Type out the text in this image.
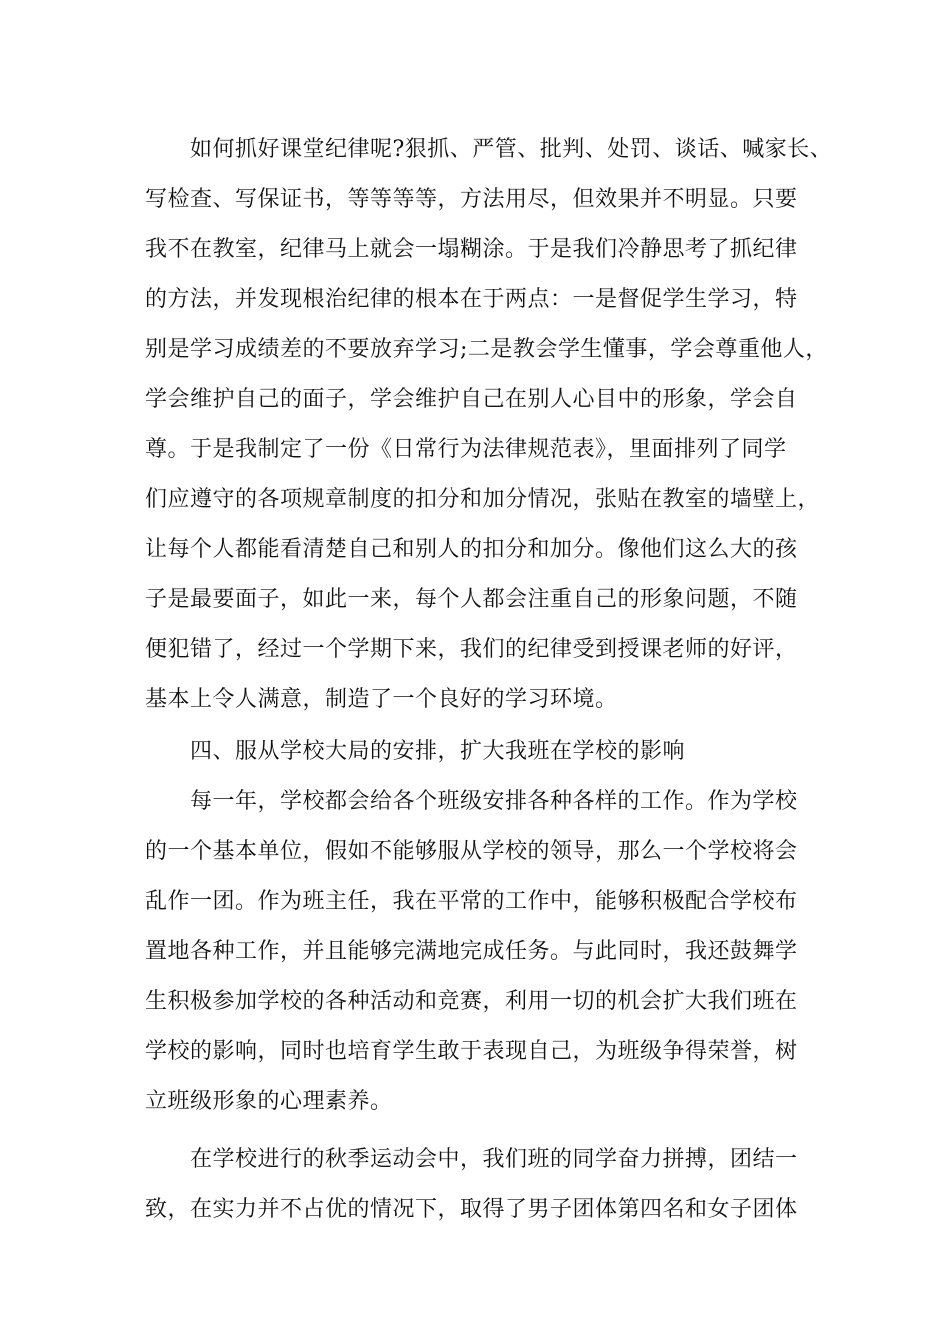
如何抓好课堂纪律呢?狠抓、严管、批判、处罚、谈话、喊家长、
写检查、写保证书，等等等等，方法用尽，但效果并不明显。只要
我不在教室，纪律马上就会一塌糊涂。于是我们冷静思考了抓纪律
的方法，并发现根治纪律的根本在于两点：一是督促学生学习，特
别是学习成绩差的不要放弃学习;二是教会学生懂事，学会尊重他人，
学会维护自己的面子，学会维护自己在别人心目中的形象，学会自
尊。于是我制定了一份《日常行为法律规范表》，里面排列了同学
们应遵守的各项规章制度的扣分和加分情况，张贴在教室的墙壁上，
让每个人都能看清楚自己和别人的扣分和加分。像他们这么大的孩
子是最要面子，如此一来，每个人都会注重自己的形象问题，不随
便犯错了，经过一个学期下来，我们的纪律受到授课老师的好评，
基本上令人满意，制造了一个良好的学习环境。
四、服从学校大局的安排，扩大我班在学校的影响
每一年，学校都会给各个班级安排各种各样的工作。作为学校
的一个基本单位，假如不能够服从学校的领导，那么一个学校将会
乱作一团。作为班主任，我在平常的工作中，能够积极配合学校布
置地各种工作，并且能够完满地完成任务。与此同时，我还鼓舞学
生积极参加学校的各种活动和竞赛，利用一切的机会扩大我们班在
学校的影响，同时也培育学生敢于表现自己，为班级争得荣誉，树
立班级形象的心理素养。
在学校进行的秋季运动会中，我们班的同学奋力拼搏，团结一
致，在实力并不占优的情况下，取得了男子团体第四名和女子团体
